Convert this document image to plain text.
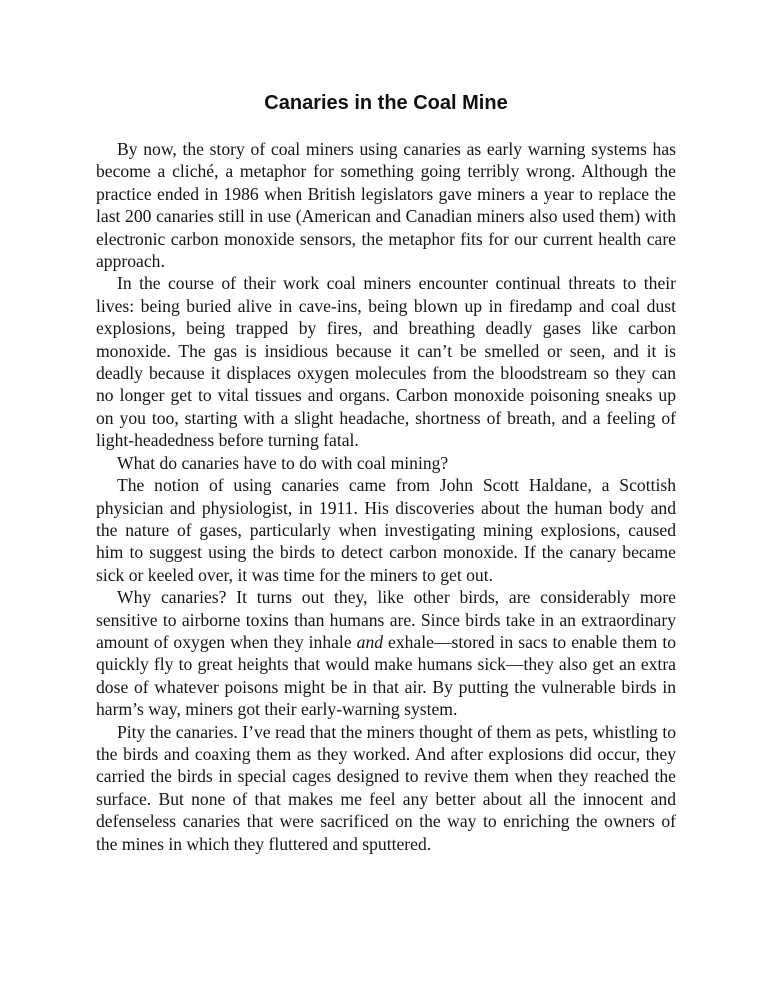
Canaries in the Coal Mine

By now, the story of coal miners using canaries as early warning systems has become a cliché, a metaphor for something going terribly wrong. Although the practice ended in 1986 when British legislators gave miners a year to replace the last 200 canaries still in use (American and Canadian miners also used them) with electronic carbon monoxide sensors, the metaphor fits for our current health care approach.

In the course of their work coal miners encounter continual threats to their lives: being buried alive in cave-ins, being blown up in firedamp and coal dust explosions, being trapped by fires, and breathing deadly gases like carbon monoxide. The gas is insidious because it can’t be smelled or seen, and it is deadly because it displaces oxygen molecules from the bloodstream so they can no longer get to vital tissues and organs. Carbon monoxide poisoning sneaks up on you too, starting with a slight headache, shortness of breath, and a feeling of light-headedness before turning fatal.

What do canaries have to do with coal mining?

The notion of using canaries came from John Scott Haldane, a Scottish physician and physiologist, in 1911. His discoveries about the human body and the nature of gases, particularly when investigating mining explosions, caused him to suggest using the birds to detect carbon monoxide. If the canary became sick or keeled over, it was time for the miners to get out.

Why canaries? It turns out they, like other birds, are considerably more sensitive to airborne toxins than humans are. Since birds take in an extraordinary amount of oxygen when they inhale and exhale—stored in sacs to enable them to quickly fly to great heights that would make humans sick—they also get an extra dose of whatever poisons might be in that air. By putting the vulnerable birds in harm’s way, miners got their early-warning system.

Pity the canaries. I’ve read that the miners thought of them as pets, whistling to the birds and coaxing them as they worked. And after explosions did occur, they carried the birds in special cages designed to revive them when they reached the surface. But none of that makes me feel any better about all the innocent and defenseless canaries that were sacrificed on the way to enriching the owners of the mines in which they fluttered and sputtered.
